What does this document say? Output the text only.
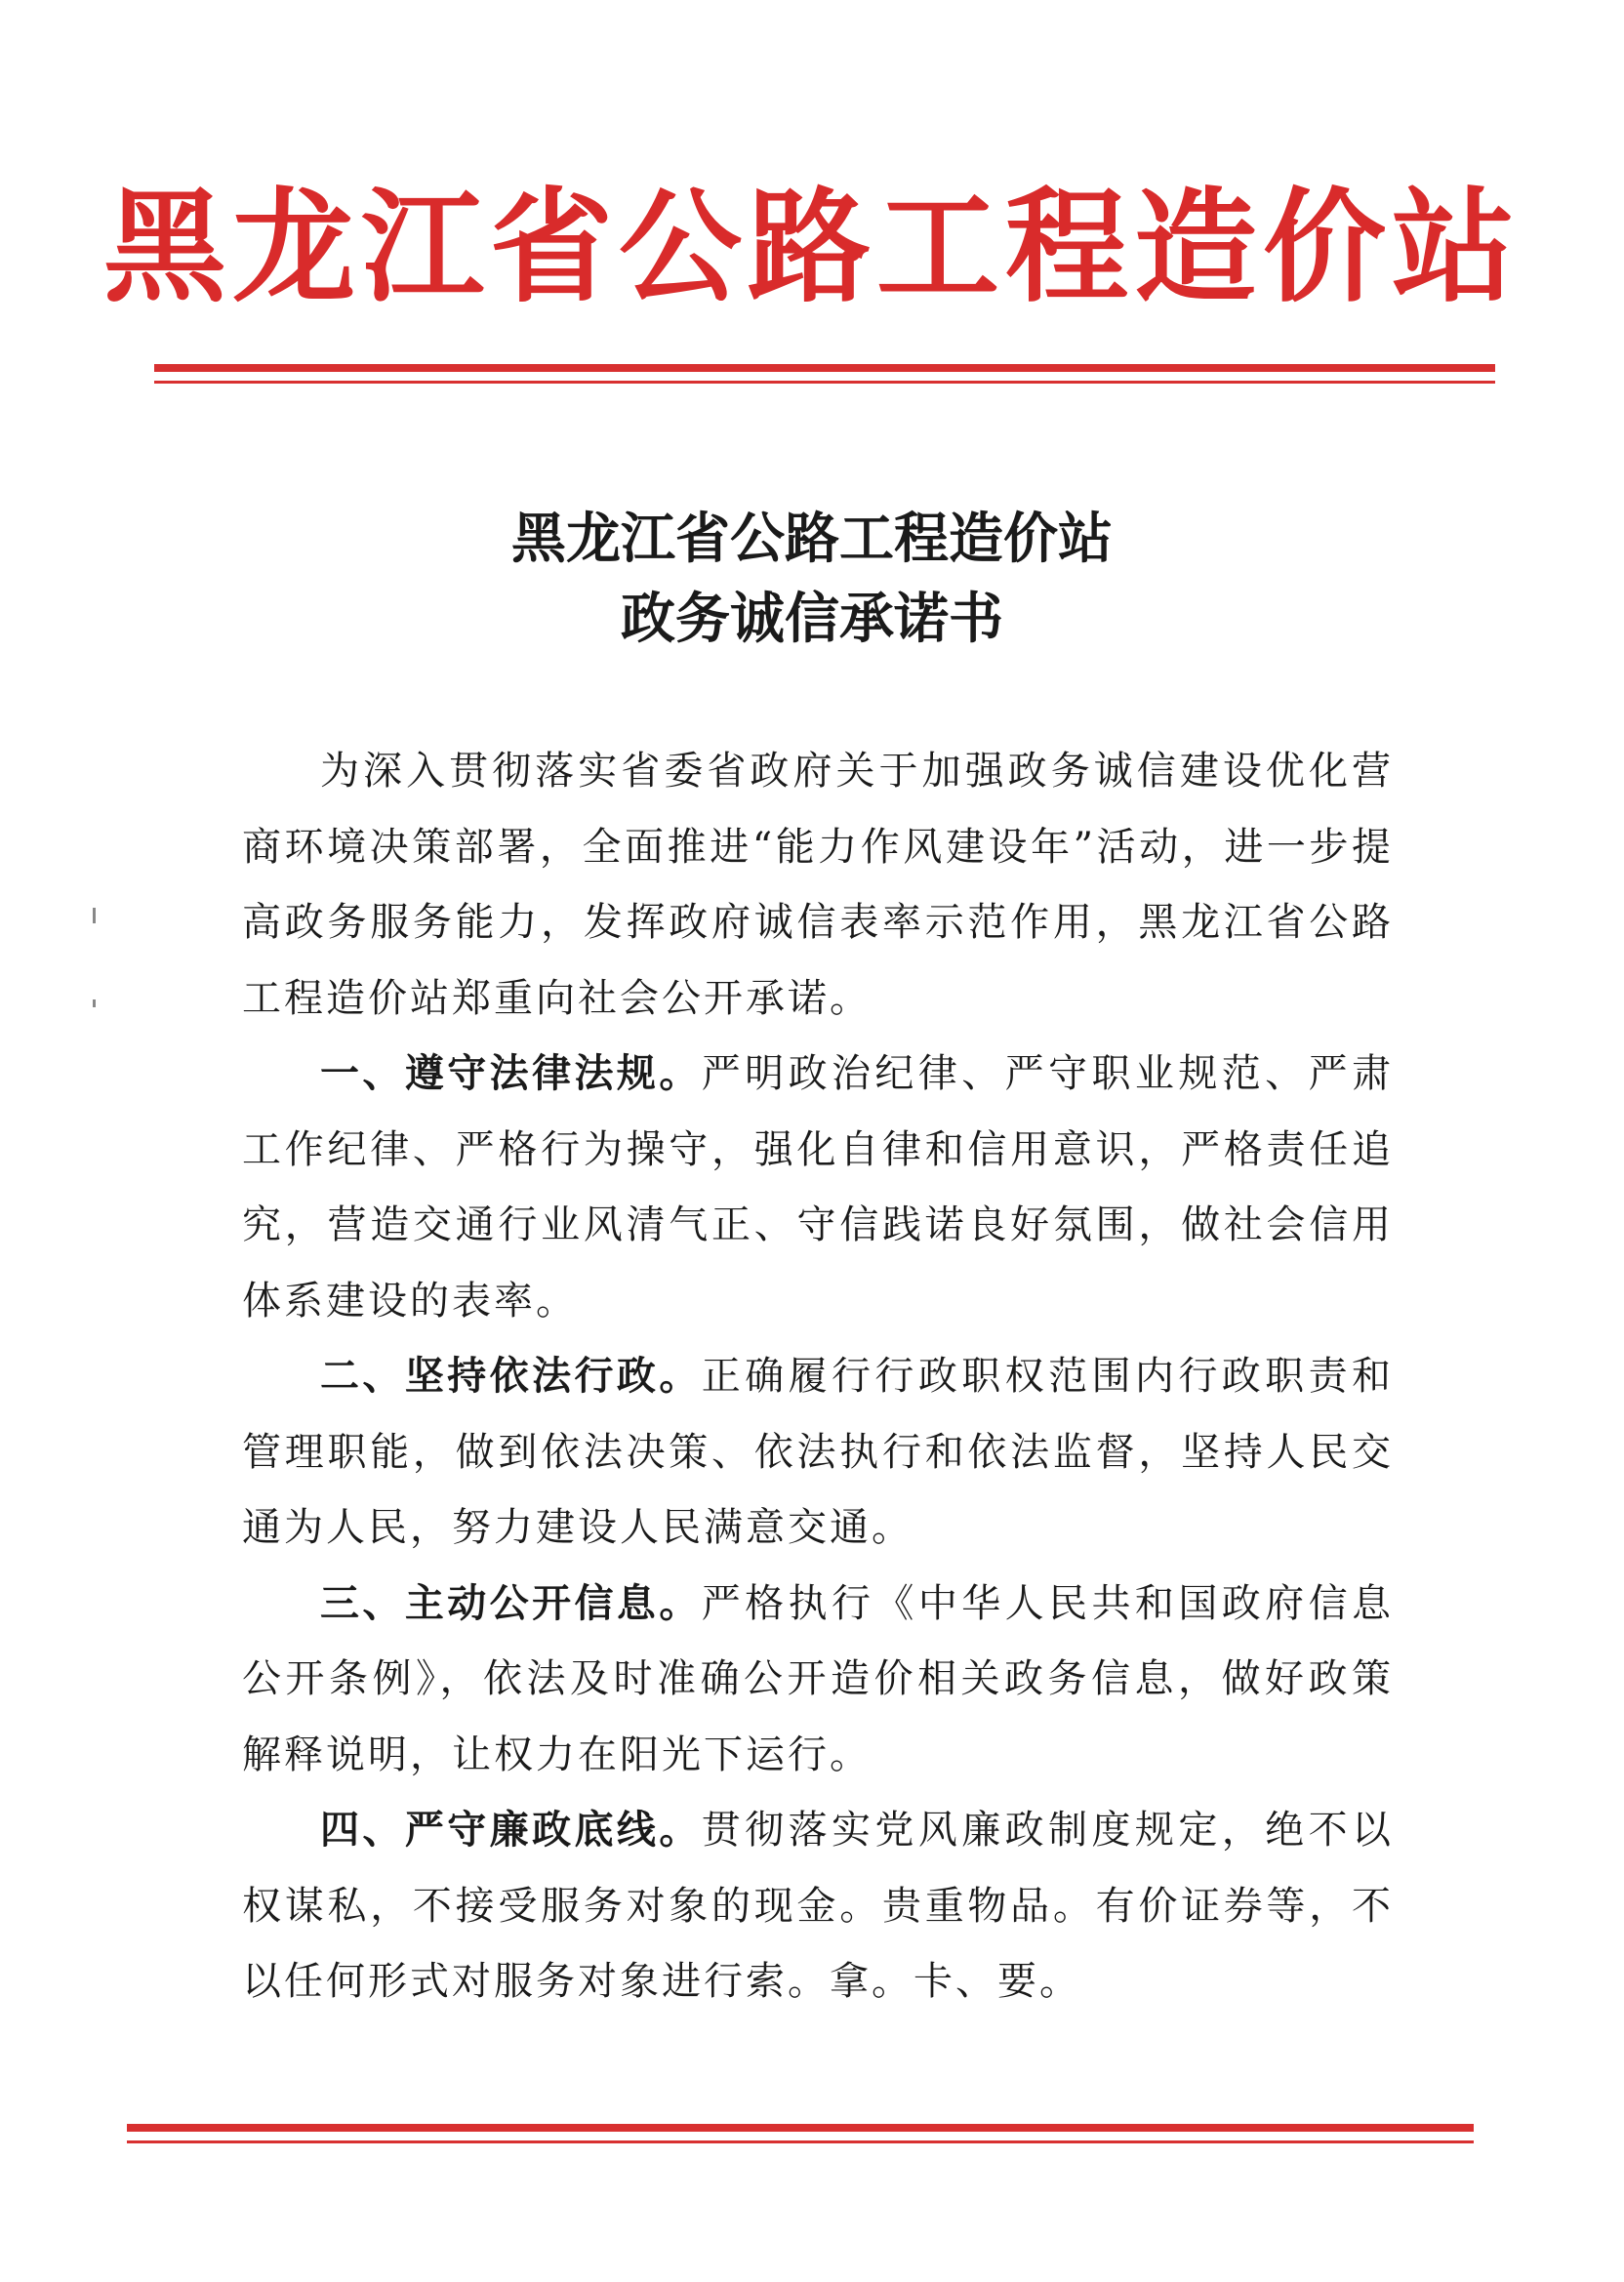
黑龙江省公路工程造价站
黑龙江省公路工程造价站
政务诚信承诺书

为深入贯彻落实省委省政府关于加强政务诚信建设优化营商环境决策部署，全面推进“能力作风建设年”活动，进一步提高政务服务能力，发挥政府诚信表率示范作用，黑龙江省公路工程造价站郑重向社会公开承诺。

一、遵守法律法规。严明政治纪律、严守职业规范、严肃工作纪律、严格行为操守，强化自律和信用意识，严格责任追究，营造交通行业风清气正、守信践诺良好氛围，做社会信用体系建设的表率。

二、坚持依法行政。正确履行行政职权范围内行政职责和管理职能，做到依法决策、依法执行和依法监督，坚持人民交通为人民，努力建设人民满意交通。

三、主动公开信息。严格执行《中华人民共和国政府信息公开条例》，依法及时准确公开造价相关政务信息，做好政策解释说明，让权力在阳光下运行。

四、严守廉政底线。贯彻落实党风廉政制度规定，绝不以权谋私，不接受服务对象的现金。贵重物品。有价证券等，不以任何形式对服务对象进行索。拿。卡、要。
